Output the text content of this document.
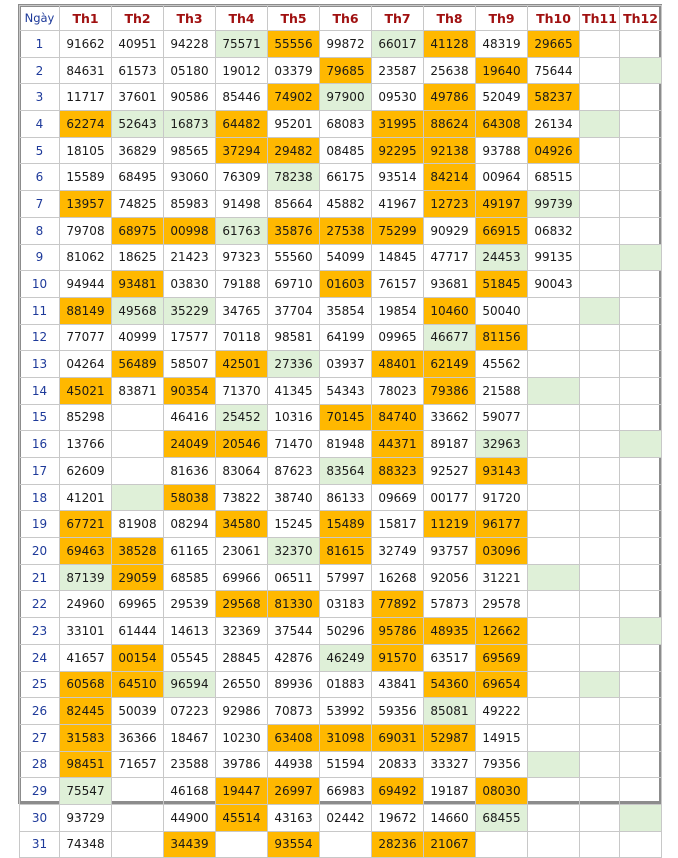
Ngày	Th1	Th2	Th3	Th4	Th5	Th6	Th7	Th8	Th9	Th10	Th11	Th12
1	91662	40951	94228	75571	55556	99872	66017	41128	48319	29665		
2	84631	61573	05180	19012	03379	79685	23587	25638	19640	75644		
3	11717	37601	90586	85446	74902	97900	09530	49786	52049	58237		
4	62274	52643	16873	64482	95201	68083	31995	88624	64308	26134		
5	18105	36829	98565	37294	29482	08485	92295	92138	93788	04926		
6	15589	68495	93060	76309	78238	66175	93514	84214	00964	68515		
7	13957	74825	85983	91498	85664	45882	41967	12723	49197	99739		
8	79708	68975	00998	61763	35876	27538	75299	90929	66915	06832		
9	81062	18625	21423	97323	55560	54099	14845	47717	24453	99135		
10	94944	93481	03830	79188	69710	01603	76157	93681	51845	90043		
11	88149	49568	35229	34765	37704	35854	19854	10460	50040			
12	77077	40999	17577	70118	98581	64199	09965	46677	81156			
13	04264	56489	58507	42501	27336	03937	48401	62149	45562			
14	45021	83871	90354	71370	41345	54343	78023	79386	21588			
15	85298		46416	25452	10316	70145	84740	33662	59077			
16	13766		24049	20546	71470	81948	44371	89187	32963			
17	62609		81636	83064	87623	83564	88323	92527	93143			
18	41201		58038	73822	38740	86133	09669	00177	91720			
19	67721	81908	08294	34580	15245	15489	15817	11219	96177			
20	69463	38528	61165	23061	32370	81615	32749	93757	03096			
21	87139	29059	68585	69966	06511	57997	16268	92056	31221			
22	24960	69965	29539	29568	81330	03183	77892	57873	29578			
23	33101	61444	14613	32369	37544	50296	95786	48935	12662			
24	41657	00154	05545	28845	42876	46249	91570	63517	69569			
25	60568	64510	96594	26550	89936	01883	43841	54360	69654			
26	82445	50039	07223	92986	70873	53992	59356	85081	49222			
27	31583	36366	18467	10230	63408	31098	69031	52987	14915			
28	98451	71657	23588	39786	44938	51594	20833	33327	79356			
29	75547		46168	19447	26997	66983	69492	19187	08030			
30	93729		44900	45514	43163	02442	19672	14660	68455			
31	74348		34439		93554		28236	21067				
